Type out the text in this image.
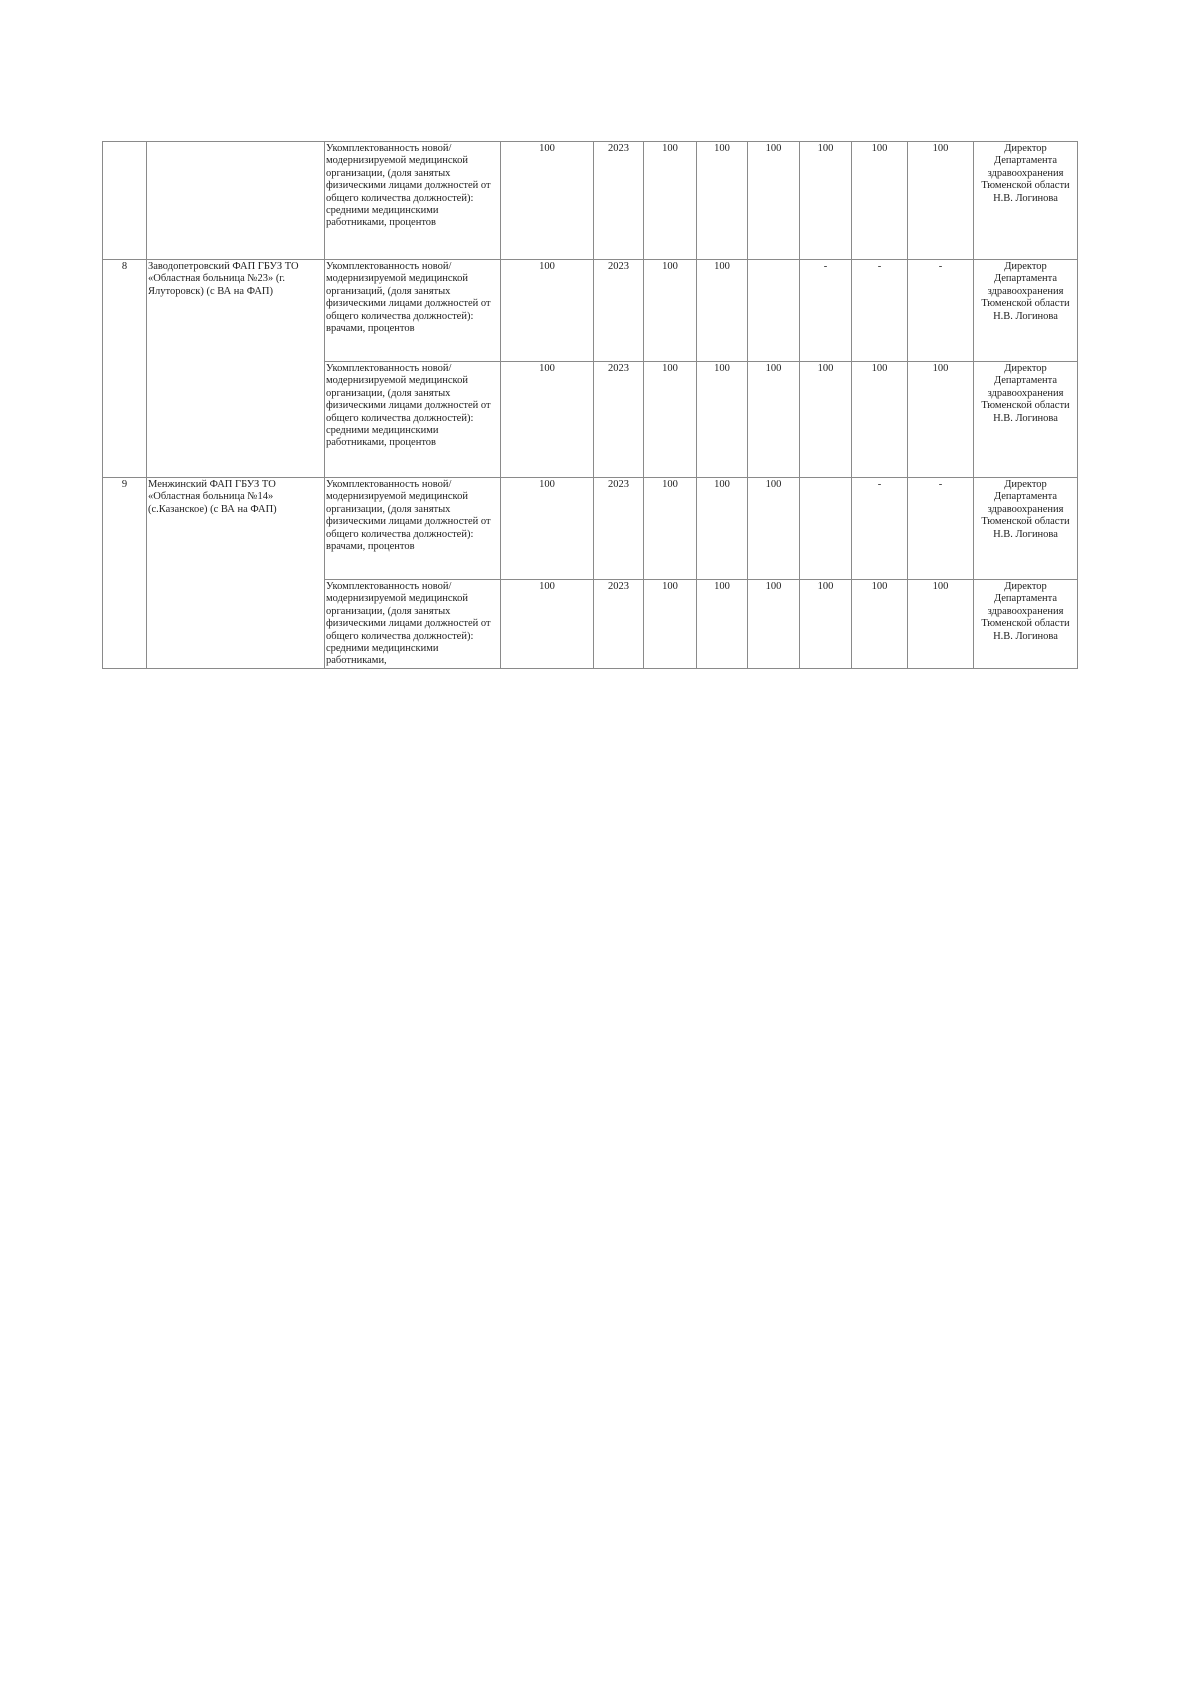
		Укомплектованность новой/модернизируемой медицинской организации, (доля занятых физическими лицами должностей от общего количества должностей): средними медицинскими работниками, процентов	100	2023	100	100	100	100	100	100	Директор Департамента здравоохранения Тюменской области Н.В. Логинова
8	Заводопетровский ФАП ГБУЗ ТО «Областная больница №23» (г. Ялуторовск) (с ВА на ФАП)	Укомплектованность новой/модернизируемой медицинской организаций, (доля занятых физическими лицами должностей от общего количества должностей): врачами, процентов	100	2023	100	100		-	-	-	Директор Департамента здравоохранения Тюменской области Н.В. Логинова
		Укомплектованность новой/модернизируемой медицинской организации, (доля занятых физическими лицами должностей от общего количества должностей): средними медицинскими работниками, процентов	100	2023	100	100	100	100	100	100	Директор Департамента здравоохранения Тюменской области Н.В. Логинова
9	Менжинский ФАП ГБУЗ ТО «Областная больница №14» (с.Казанское) (с ВА на ФАП)	Укомплектованность новой/модернизируемой медицинской организации, (доля занятых физическими лицами должностей от общего количества должностей): врачами, процентов	100	2023	100	100	100		-	-	Директор Департамента здравоохранения Тюменской области Н.В. Логинова
		Укомплектованность новой/модернизируемой медицинской организации, (доля занятых физическими лицами должностей от общего количества должностей): средними медицинскими работниками,	100	2023	100	100	100	100	100	100	Директор Департамента здравоохранения Тюменской области Н.В. Логинова
